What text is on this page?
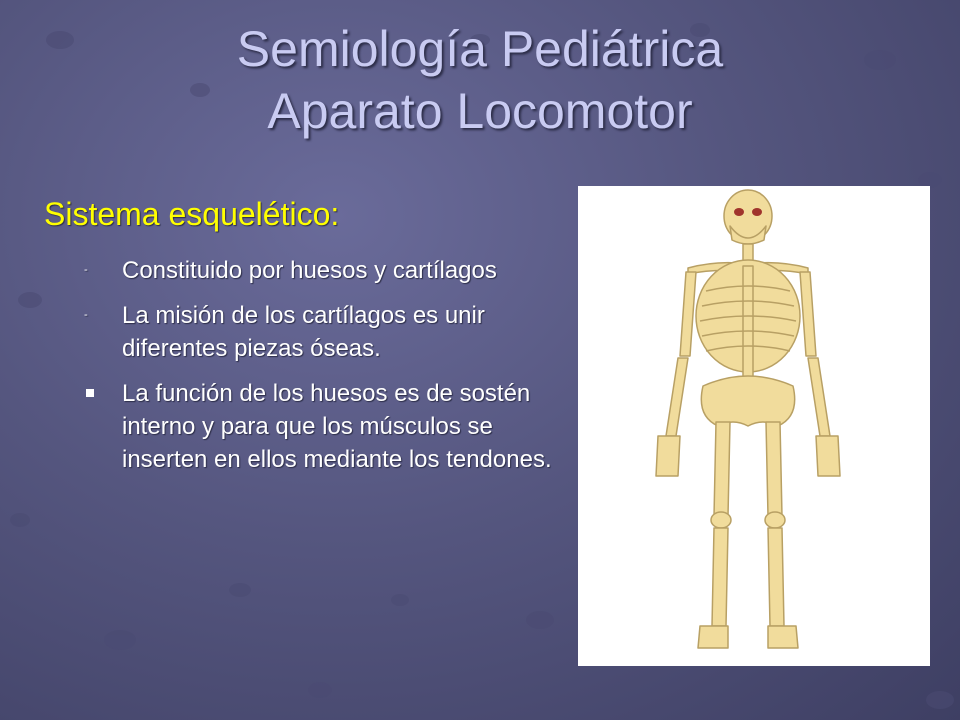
Semiología Pediátrica
Aparato Locomotor
Sistema esquelético:
-	Constituido por huesos y cartílagos
-	La misión de los cartílagos es unir diferentes piezas óseas.
La función de los huesos es de sostén interno y para que los músculos se inserten en ellos mediante los tendones.
